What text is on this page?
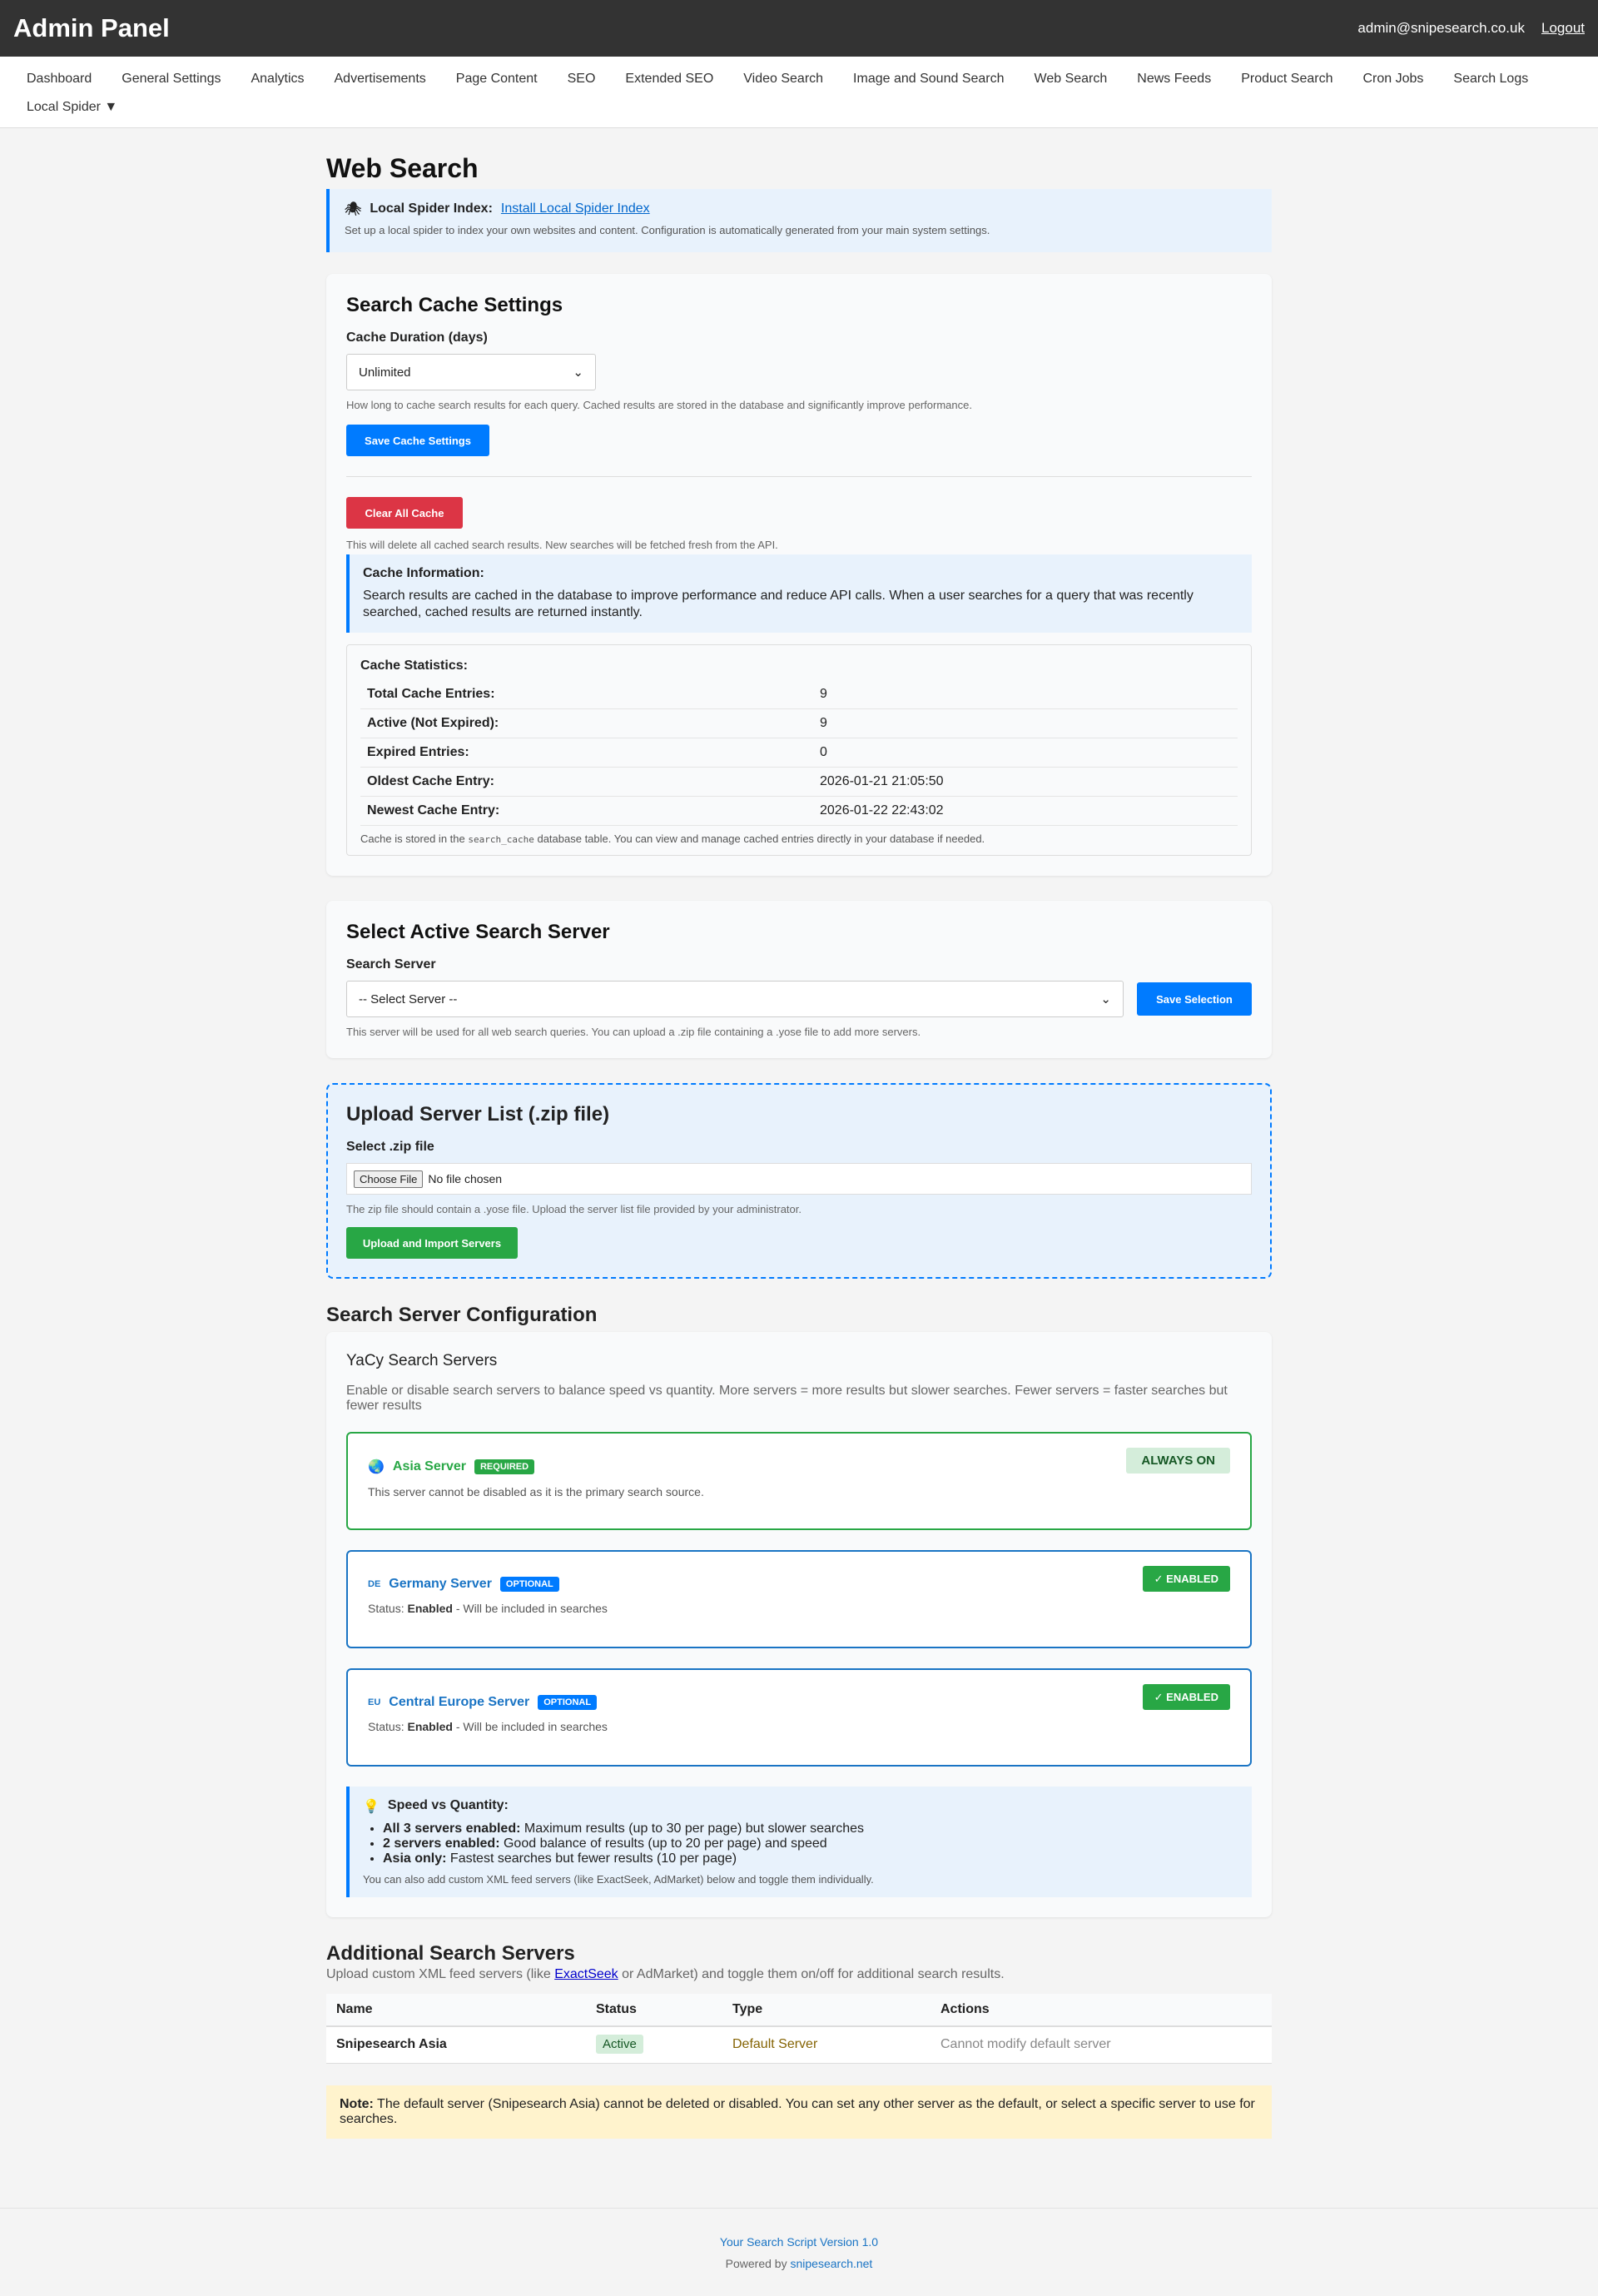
Admin Panel	admin@snipesearch.co.uk Logout
Dashboard	General Settings	Analytics	Advertisements	Page Content	SEO	Extended SEO	Video Search	Image and Sound Search	Web Search	News Feeds	Product Search	Cron Jobs	Search Logs
Local Spider ▼
Web Search
🕷 Local Spider Index: Install Local Spider Index
Set up a local spider to index your own websites and content. Configuration is automatically generated from your main system settings.
Search Cache Settings
Cache Duration (days)
Unlimited	⌄
How long to cache search results for each query. Cached results are stored in the database and significantly improve performance.
Save Cache Settings
Clear All Cache
This will delete all cached search results. New searches will be fetched fresh from the API.
Cache Information:
Search results are cached in the database to improve performance and reduce API calls. When a user searches for a query that was recently searched, cached results are returned instantly.
Cache Statistics:
Total Cache Entries:	9
Active (Not Expired):	9
Expired Entries:	0
Oldest Cache Entry:	2026-01-21 21:05:50
Newest Cache Entry:	2026-01-22 22:43:02
Cache is stored in the search_cache database table. You can view and manage cached entries directly in your database if needed.
Select Active Search Server
Search Server
-- Select Server --	⌄	Save Selection
This server will be used for all web search queries. You can upload a .zip file containing a .yose file to add more servers.
Upload Server List (.zip file)
Select .zip file
Choose File No file chosen
The zip file should contain a .yose file. Upload the server list file provided by your administrator.
Upload and Import Servers
Search Server Configuration
YaCy Search Servers
Enable or disable search servers to balance speed vs quantity. More servers = more results but slower searches. Fewer servers = faster searches but fewer results
🌏 Asia Server	REQUIRED
This server cannot be disabled as it is the primary search source.
ALWAYS ON
DE Germany Server	OPTIONAL
Status: Enabled - Will be included in searches
✓ ENABLED
EU Central Europe Server	OPTIONAL
Status: Enabled - Will be included in searches
✓ ENABLED
💡 Speed vs Quantity:
• All 3 servers enabled: Maximum results (up to 30 per page) but slower searches
• 2 servers enabled: Good balance of results (up to 20 per page) and speed
• Asia only: Fastest searches but fewer results (10 per page)
You can also add custom XML feed servers (like ExactSeek, AdMarket) below and toggle them individually.
Additional Search Servers
Upload custom XML feed servers (like ExactSeek or AdMarket) and toggle them on/off for additional search results.
Name	Status	Type	Actions
Snipesearch Asia	Active	Default Server	Cannot modify default server
Note: The default server (Snipesearch Asia) cannot be deleted or disabled. You can set any other server as the default, or select a specific server to use for searches.
Your Search Script Version 1.0
Powered by snipesearch.net
